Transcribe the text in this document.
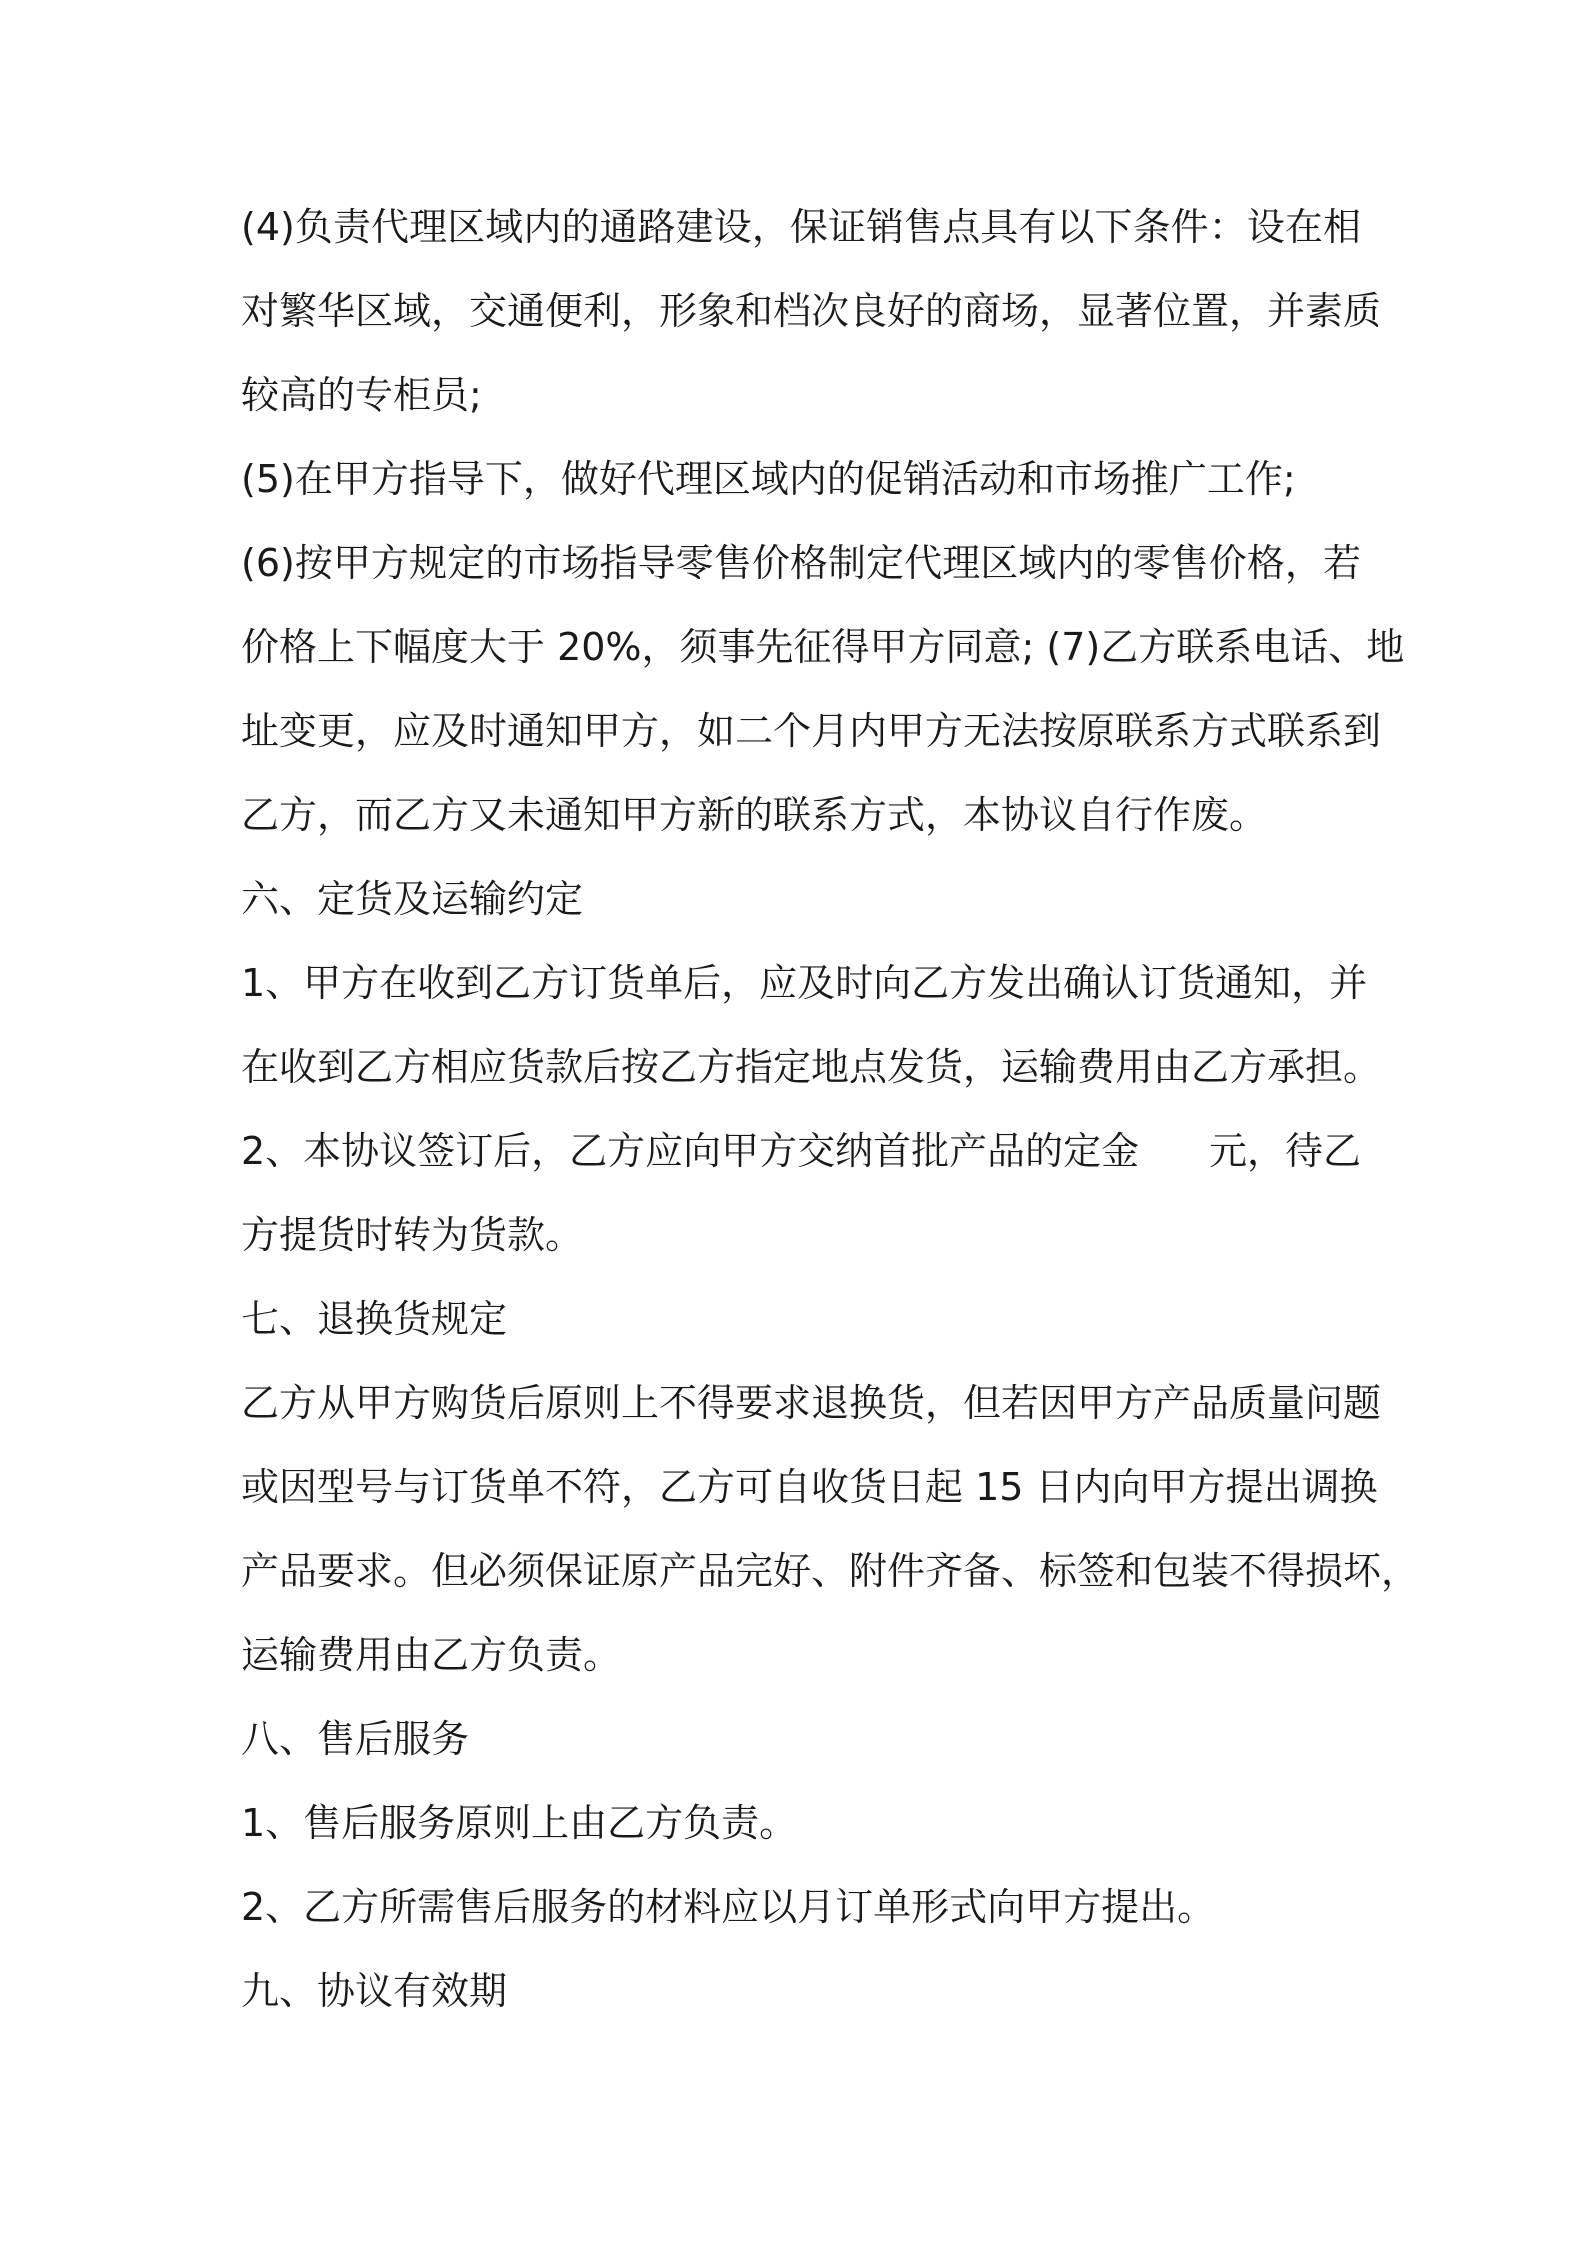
(4)负责代理区域内的通路建设，保证销售点具有以下条件：设在相
对繁华区域，交通便利，形象和档次良好的商场，显著位置，并素质
较高的专柜员;
(5)在甲方指导下，做好代理区域内的促销活动和市场推广工作;
(6)按甲方规定的市场指导零售价格制定代理区域内的零售价格，若
价格上下幅度大于 20%，须事先征得甲方同意; (7)乙方联系电话、地
址变更，应及时通知甲方，如二个月内甲方无法按原联系方式联系到
乙方，而乙方又未通知甲方新的联系方式，本协议自行作废。
六、定货及运输约定
1、甲方在收到乙方订货单后，应及时向乙方发出确认订货通知，并
在收到乙方相应货款后按乙方指定地点发货，运输费用由乙方承担。
2、本协议签订后，乙方应向甲方交纳首批产品的定金 元，待乙
方提货时转为货款。
七、退换货规定
乙方从甲方购货后原则上不得要求退换货，但若因甲方产品质量问题
或因型号与订货单不符，乙方可自收货日起 15 日内向甲方提出调换
产品要求。但必须保证原产品完好、附件齐备、标签和包装不得损坏，
运输费用由乙方负责。
八、售后服务
1、售后服务原则上由乙方负责。
2、乙方所需售后服务的材料应以月订单形式向甲方提出。
九、协议有效期
